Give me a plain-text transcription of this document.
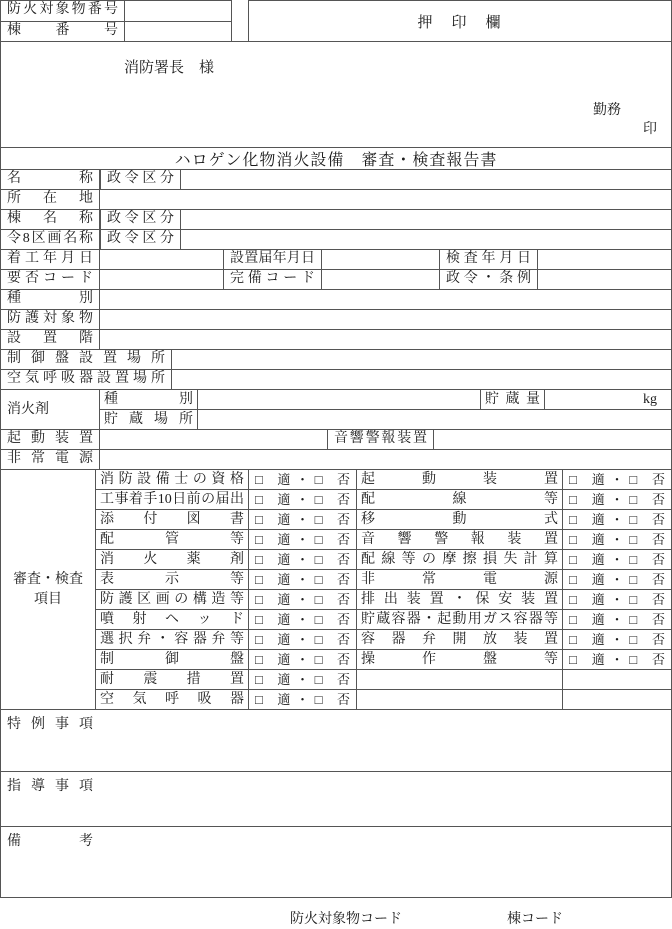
防火対象物番号
棟番号	押　印　欄
消防署長　様
勤務
印
ハロゲン化物消火設備　審査・検査報告書
名称	政令区分
所在地
棟名称	政令区分
令8区画名称	政令区分
着工年月日	設置届年月日	検査年月日
要否コード	完備コード	政令・条例
種別
防護対象物
設置階
制御盤設置場所
空気呼吸器設置場所
消火剤
種別	貯蔵量	kg
貯蔵場所
起動装置	音響警報装置
非常電源
審査・検査項目
消防設備士の資格 □ 適・□ 否 起動装置 □ 適・□ 否
工事着手10日前の届出 □ 適・□ 否 配線等 □ 適・□ 否
添付図書 □ 適・□ 否 移動式 □ 適・□ 否
配管等 □ 適・□ 否 音響警報装置 □ 適・□ 否
消火薬剤 □ 適・□ 否 配線等の摩擦損失計算 □ 適・□ 否
表示等 □ 適・□ 否 非常電源 □ 適・□ 否
防護区画の構造等 □ 適・□ 否 排出装置・保安装置 □ 適・□ 否
噴射ヘッド □ 適・□ 否 貯蔵容器・起動用ガス容器等 □ 適・□ 否
選択弁・容器弁等 □ 適・□ 否 容器弁開放装置 □ 適・□ 否
制御盤 □ 適・□ 否 操作盤等 □ 適・□ 否
耐震措置 □ 適・□ 否
空気呼吸器 □ 適・□ 否
特例事項
指導事項
備考
防火対象物コード	棟コード
